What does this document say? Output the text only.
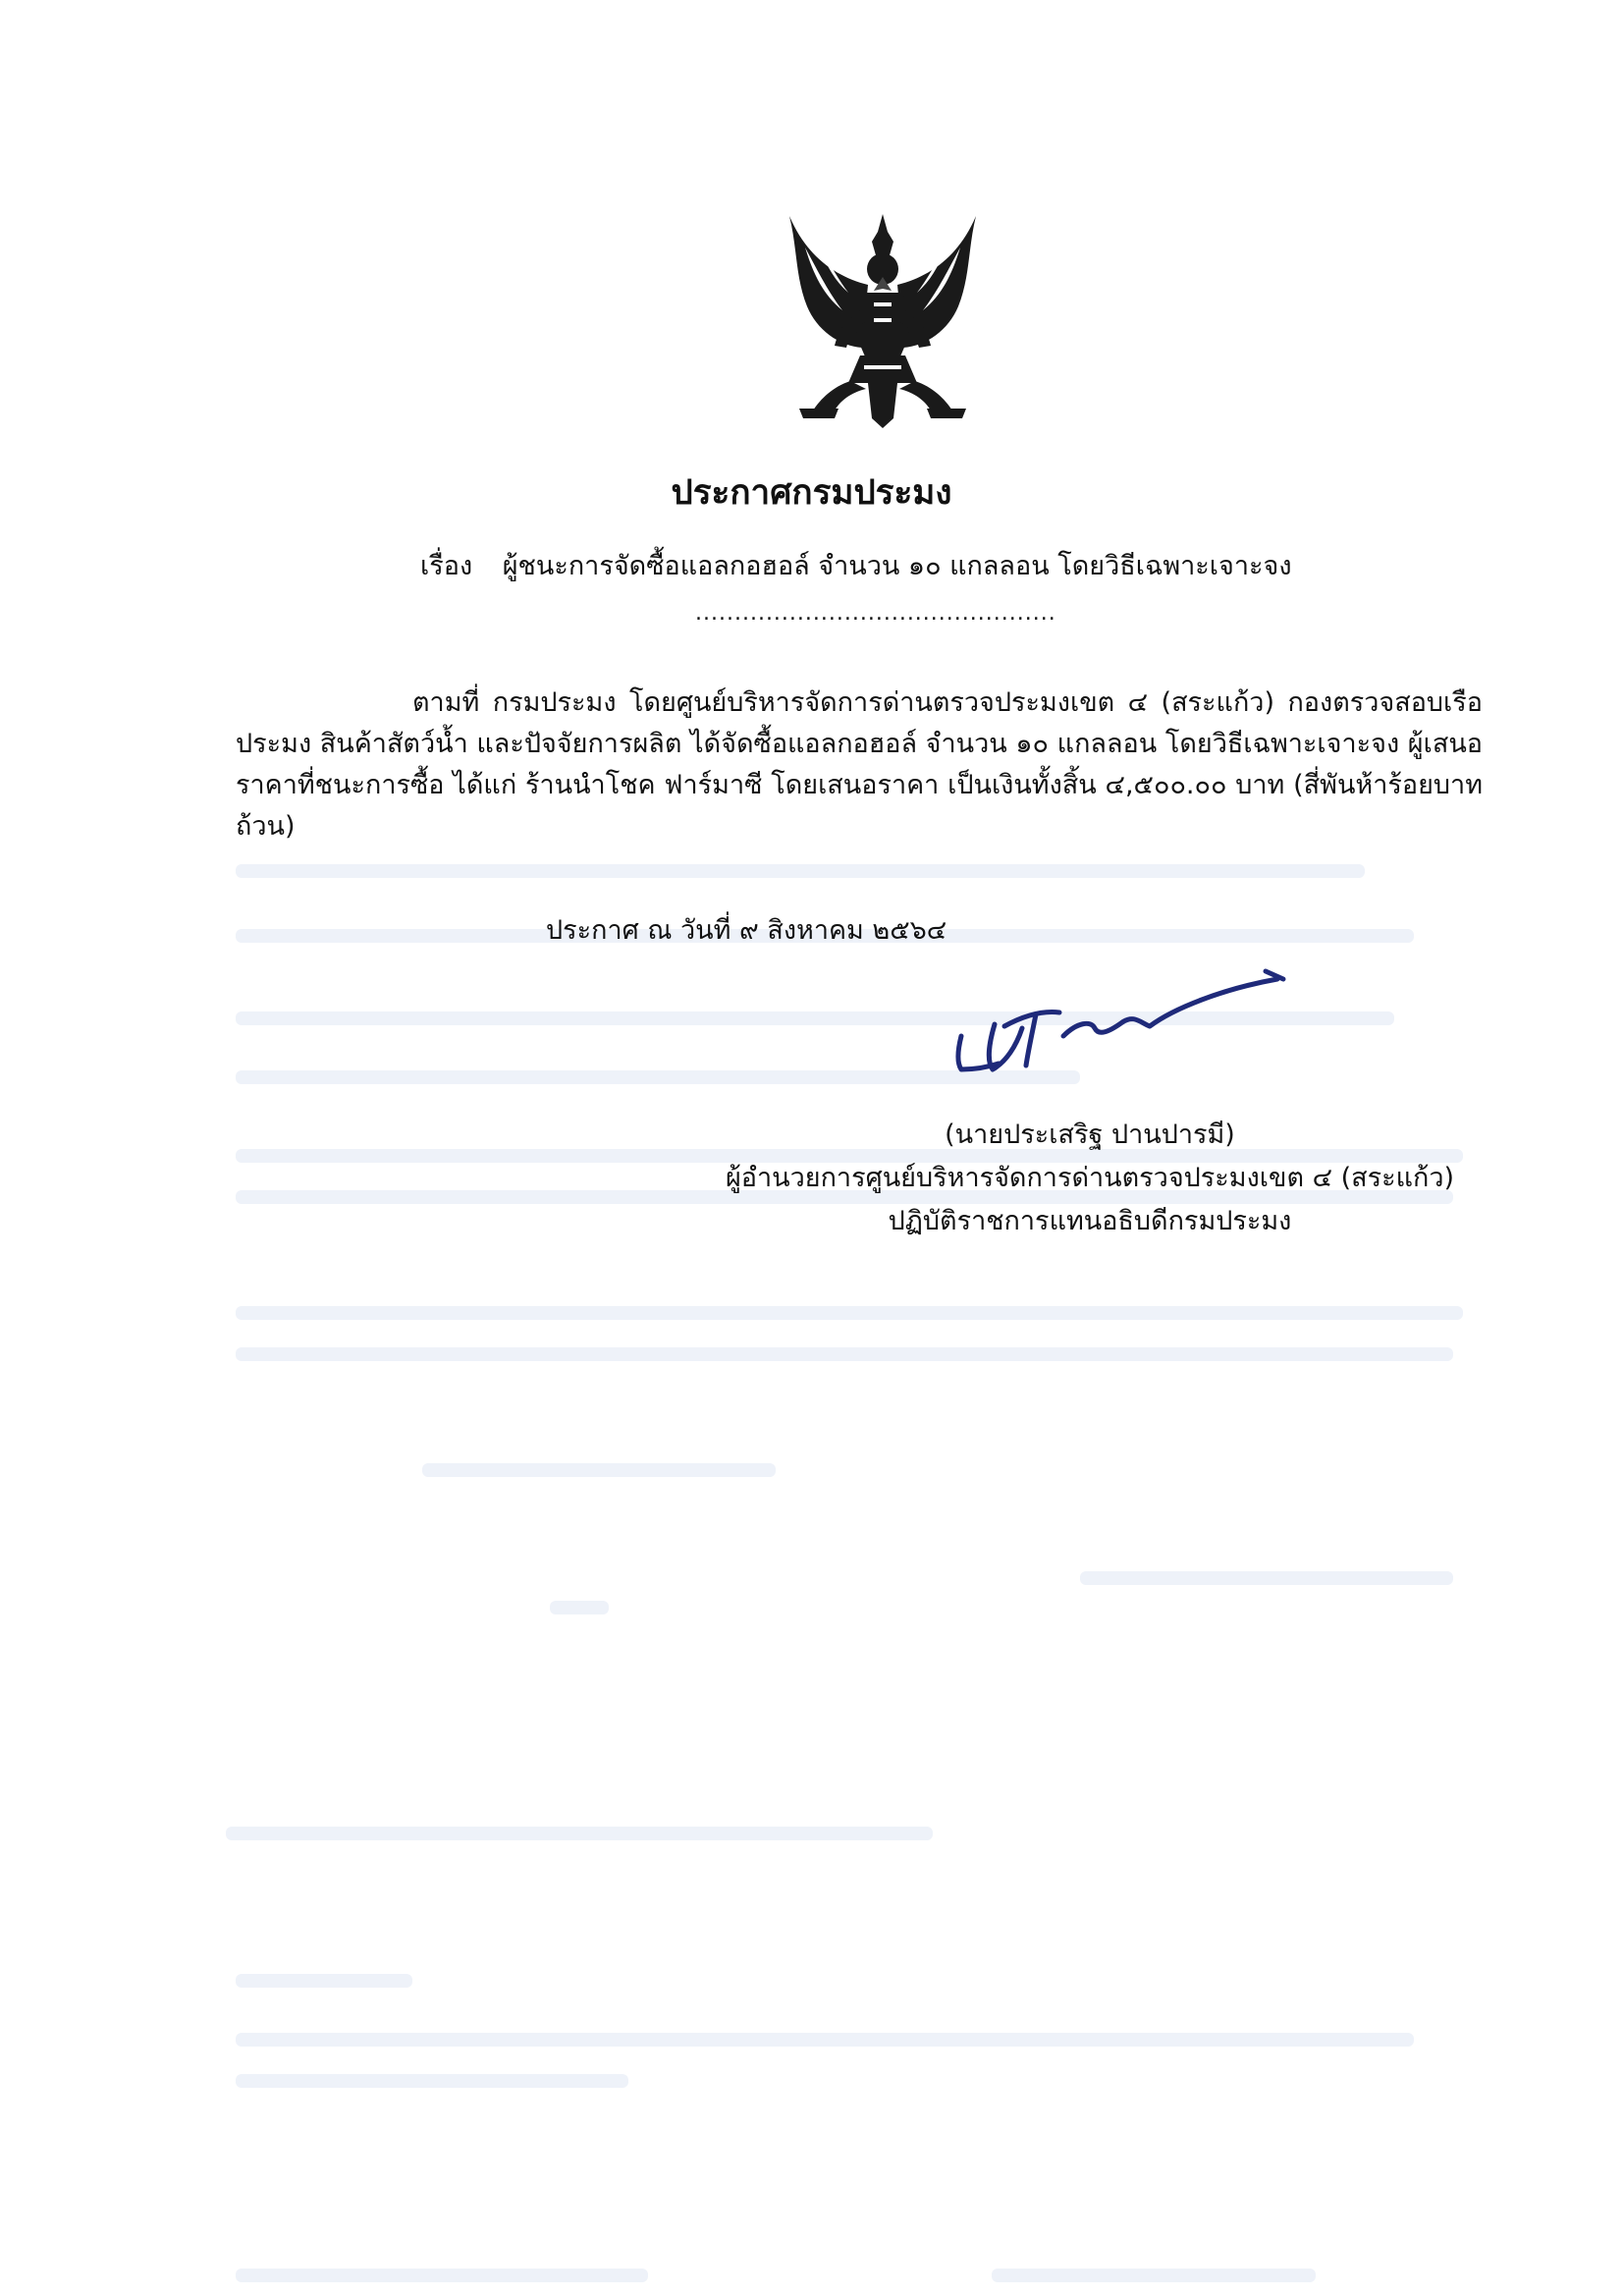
ประกาศกรมประมง
เรื่อง ผู้ชนะการจัดซื้อแอลกอฮอล์ จำนวน ๑๐ แกลลอน โดยวิธีเฉพาะเจาะจง
..............................................
ตามที่ กรมประมง โดยศูนย์บริหารจัดการด่านตรวจประมงเขต ๔ (สระแก้ว) กองตรวจสอบเรือประมง สินค้าสัตว์น้ำ และปัจจัยการผลิต ได้จัดซื้อแอลกอฮอล์ จำนวน ๑๐ แกลลอน โดยวิธีเฉพาะเจาะจง ผู้เสนอราคาที่ชนะการซื้อ ได้แก่ ร้านนำโชค ฟาร์มาซี โดยเสนอราคา เป็นเงินทั้งสิ้น ๔,๕๐๐.๐๐ บาท (สี่พันห้าร้อยบาทถ้วน)
ประกาศ ณ วันที่ ๙ สิงหาคม ๒๕๖๔
(นายประเสริฐ ปานปารมี)
ผู้อำนวยการศูนย์บริหารจัดการด่านตรวจประมงเขต ๔ (สระแก้ว)
ปฏิบัติราชการแทนอธิบดีกรมประมง
